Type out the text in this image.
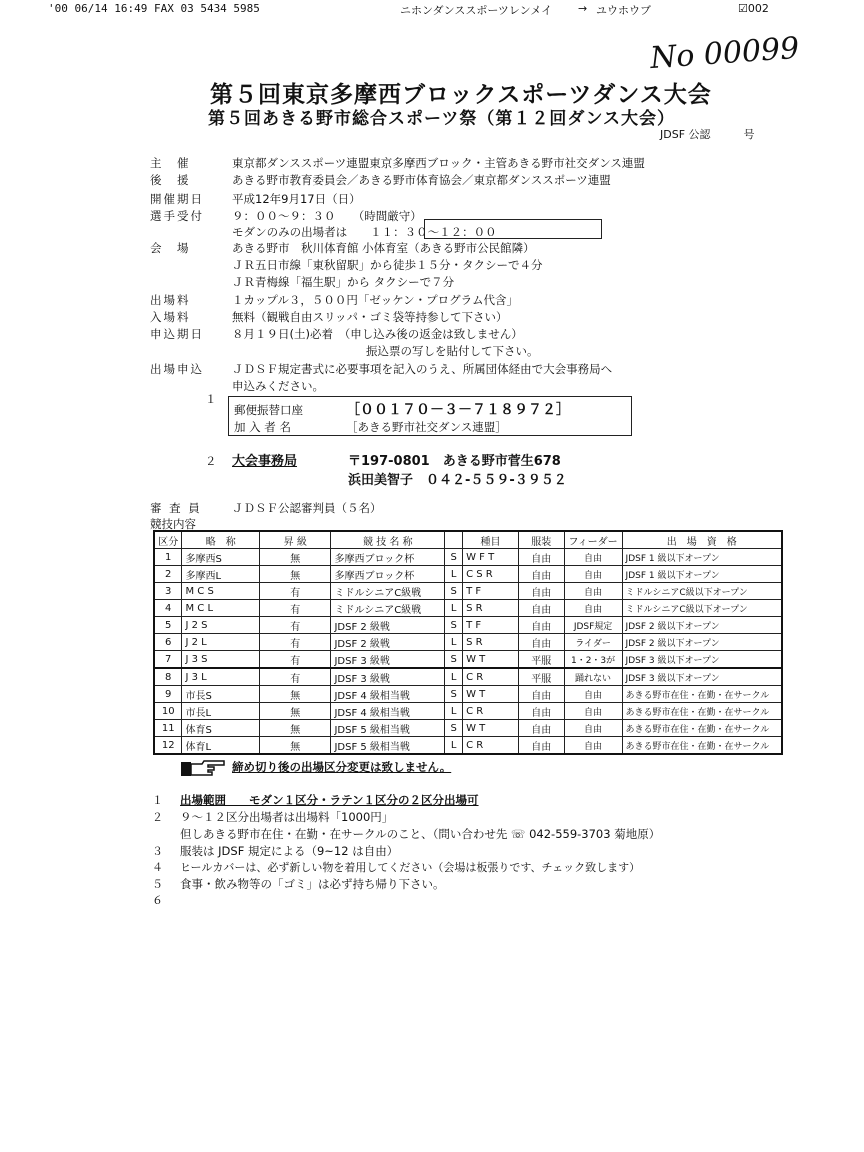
'00 06/14 16:49 FAX 03 5434 5985	ニホンダンススポーツレンメイ → ユウホウブ	☑002
No 00099
第５回東京多摩西ブロックスポーツダンス大会
第５回あきる野市総合スポーツ祭（第１２回ダンス大会）
JDSF 公認　　　号
主　催	東京都ダンススポーツ連盟東京多摩西ブロック・主管あきる野市社交ダンス連盟
後　援	あきる野市教育委員会／あきる野市体育協会／東京都ダンススポーツ連盟
開催期日 平成12年9月17日（日）
選手受付 ９：００～９：３０　　（時間厳守）
モダンのみの出場者は　　１１：３０～１２：００
会　場	あきる野市　秋川体育館 小体育室（あきる野市公民館隣）
ＪＲ五日市線「東秋留駅」から徒歩１５分・タクシーで４分
ＪＲ青梅線「福生駅」から タクシーで７分
出場料	１カップル３，５００円「ゼッケン・プログラム代含」
入場料	無料（観戦自由スリッパ・ゴミ袋等持参して下さい）
申込期日 ８月１９日(土)必着　（申し込み後の返金は致しません）
振込票の写しを貼付して下さい。
出場申込 ＪＤＳＦ規定書式に必要事項を記入のうえ、所属団体経由で大会事務局へ
申込みください。
１
郵便振替口座	［００１７０－３－７１８９７２］
加 入 者 名	［あきる野市社交ダンス連盟］
２ 大会事務局	〒197-0801　あきる野市菅生678
浜田美智子　０４２-５５９-３９５２
審 査 員	ＪＤＳＦ公認審判員（５名）
競技内容
区分	略　称	昇 級	競 技 名 称		種目	服装	フィーダー	出　場　資　格
1	多摩西S	無	多摩西ブロック杯	S	W F T	自由	自由	JDSF 1 級以下オープン
2	多摩西L	無	多摩西ブロック杯	L	C S R	自由	自由	JDSF 1 級以下オープン
3	M C S	有	ミドルシニアC級戦	S	T F	自由	自由	ミドルシニアC級以下オープン
4	M C L	有	ミドルシニアC級戦	L	S R	自由	自由	ミドルシニアC級以下オープン
5	J 2 S	有	JDSF 2 級戦	S	T F	自由	JDSF規定	JDSF 2 級以下オープン
6	J 2 L	有	JDSF 2 級戦	L	S R	自由	ライダー	JDSF 2 級以下オープン
7	J 3 S	有	JDSF 3 級戦	S	W T	平服	1・2・3が	JDSF 3 級以下オープン
8	J 3 L	有	JDSF 3 級戦	L	C R	平服	踊れない	JDSF 3 級以下オープン
9	市長S	無	JDSF 4 級相当戦	S	W T	自由	自由	あきる野市在住・在勤・在サークル
10	市長L	無	JDSF 4 級相当戦	L	C R	自由	自由	あきる野市在住・在勤・在サークル
11	体育S	無	JDSF 5 級相当戦	S	W T	自由	自由	あきる野市在住・在勤・在サークル
12	体育L	無	JDSF 5 級相当戦	L	C R	自由	自由	あきる野市在住・在勤・在サークル
締め切り後の出場区分変更は致しません。
１ 出場範囲　　モダン１区分・ラテン１区分の２区分出場可
２ ９～１２区分出場者は出場料「1000円」
但しあきる野市在住・在勤・在サークルのこと、（問い合わせ先 ☏ 042-559-3703 菊地原）
３ 服装は JDSF 規定による（9~12 は自由）
４ ヒールカバーは、必ず新しい物を着用してください（会場は板張りです、チェック致します）
５ 食事・飲み物等の「ゴミ」は必ず持ち帰り下さい。
６
